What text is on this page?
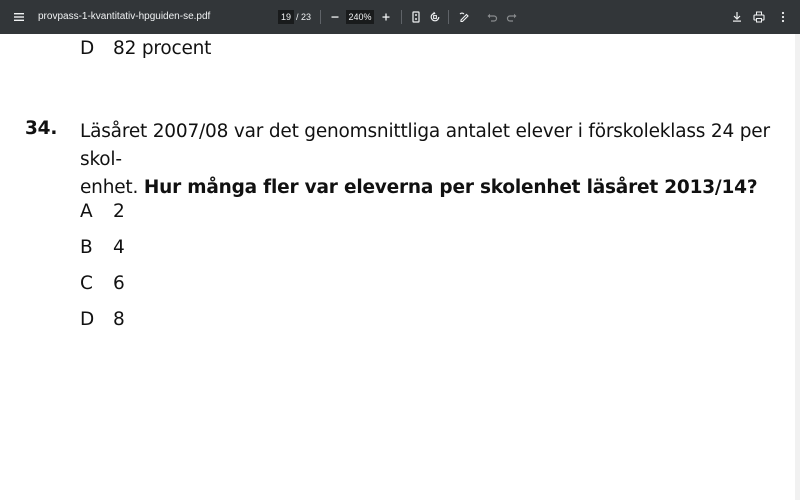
provpass-1-kvantitativ-hpguiden-se.pdf
19	/ 23
240%
D 82 procent
34. Läsåret 2007/08 var det genomsnittliga antalet elever i förskoleklass 24 per skol-
enhet. Hur många fler var eleverna per skolenhet läsåret 2013/14?
A 2
B 4
C 6
D 8
